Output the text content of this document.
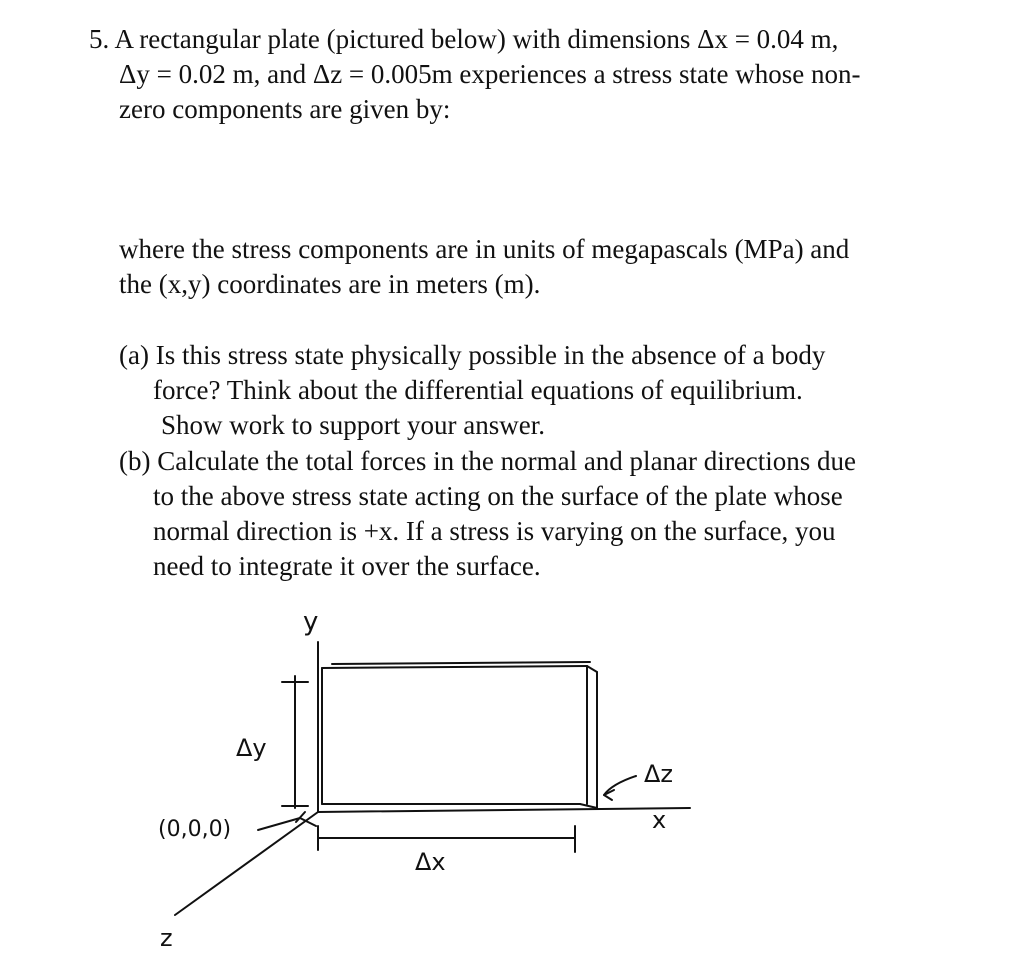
5. A rectangular plate (pictured below) with dimensions Δx = 0.04 m,
Δy = 0.02 m, and Δz = 0.005m experiences a stress state whose non-
zero components are given by:
where the stress components are in units of megapascals (MPa) and
the (x,y) coordinates are in meters (m).
(a) Is this stress state physically possible in the absence of a body
force? Think about the differential equations of equilibrium.
Show work to support your answer.
(b) Calculate the total forces in the normal and planar directions due
to the above stress state acting on the surface of the plate whose
normal direction is +x. If a stress is varying on the surface, you
need to integrate it over the surface.
y
Δy
(0,0,0)
Δx
Δz
x
z
